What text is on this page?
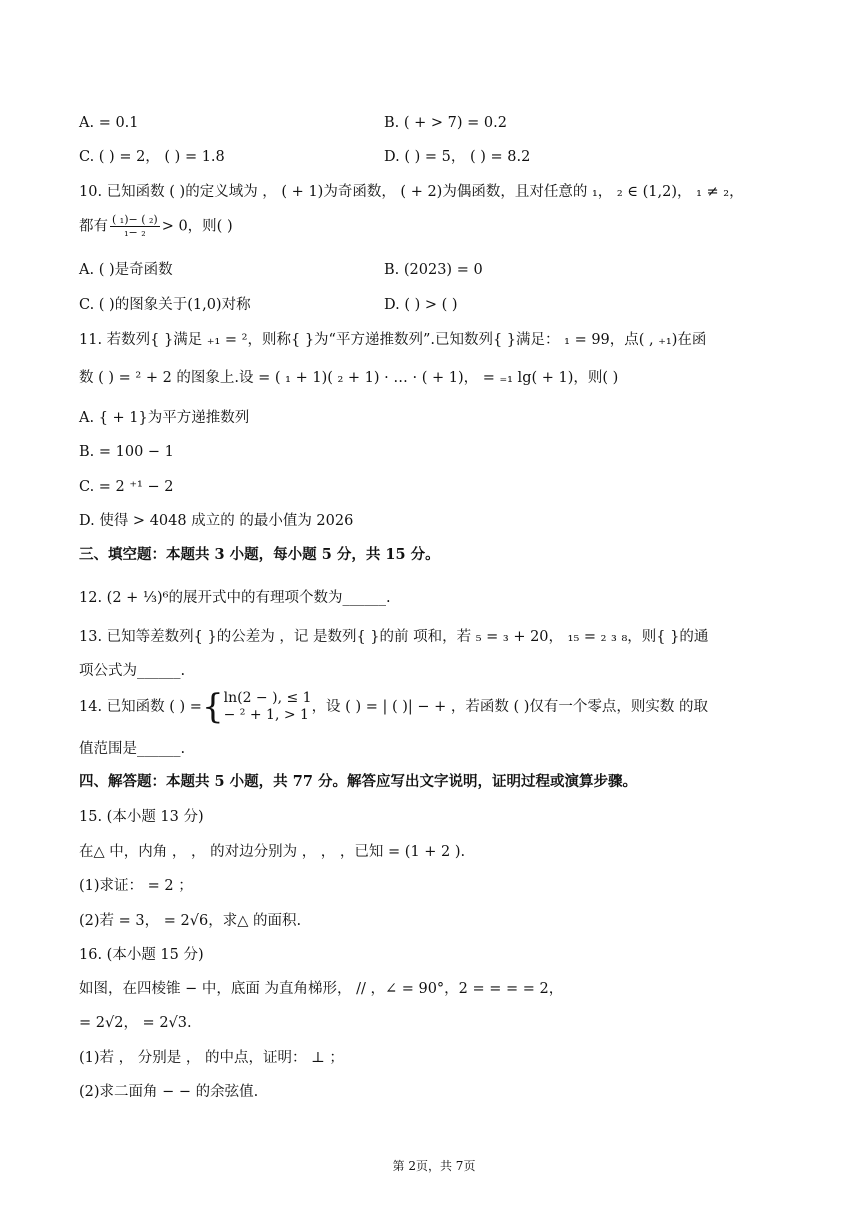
A. = 0.1	B. ( + > 7) = 0.2
C. ( ) = 2， ( ) = 1.8	D. ( ) = 5， ( ) = 8.2
10. 已知函数 ( )的定义域为 ， ( + 1)为奇函数， ( + 2)为偶函数，且对任意的 ₁， ₂ ∈ (1,2)， ₁ ≠ ₂，
都有 $\frac{\text{( ₁)− ( ₂)}}{\text{₁− ₂}} > 0$，则( )
A. ( )是奇函数	B. (2023) = 0
C. ( )的图象关于(1,0)对称	D. ( ) > ( )
11. 若数列{ }满足 ₊₁ = ²，则称{ }为“平方递推数列”.已知数列{ }满足： ₁ = 99，点( , ₊₁)在函
数 ( ) = ² + 2 的图象上.设 = ( ₁ + 1)( ₂ + 1) · … · ( + 1)， = ₌₁ lg( + 1)，则( )
A. { + 1}为平方递推数列
B. = 100 − 1
C. = 2 ⁺¹ − 2
D. 使得 > 4048 成立的 的最小值为 2026
三、填空题：本题共 3 小题，每小题 5 分，共 15 分。
12. (2 + ⅓)⁶的展开式中的有理项个数为______.
13. 已知等差数列{ }的公差为 ，记 是数列{ }的前 项和，若 ₅ = ₃ + 20， ₁₅ = ₂ ₃ ₈，则{ }的通
项公式为______.
14. 已知函数 ( ) ={ ln(2 − ), ≤ 1
− ² + 1, > 1 ，设 ( ) = | ( )| − + ，若函数 ( )仅有一个零点，则实数 的取
值范围是______.
四、解答题：本题共 5 小题，共 77 分。解答应写出文字说明，证明过程或演算步骤。
15. (本小题 13 分)
在△ 中，内角 ， ， 的对边分别为 ， ， ，已知 = (1 + 2 ).
(1)求证： = 2 ；
(2)若 = 3， = 2√6，求△ 的面积.
16. (本小题 15 分)
如图，在四棱锥 − 中，底面 为直角梯形， // ，∠ = 90°，2 = = = = 2，
= 2√2， = 2√3.
(1)若 ， 分别是 ， 的中点，证明： ⊥ ；
(2)求二面角 − − 的余弦值.
第 2页，共 7页
